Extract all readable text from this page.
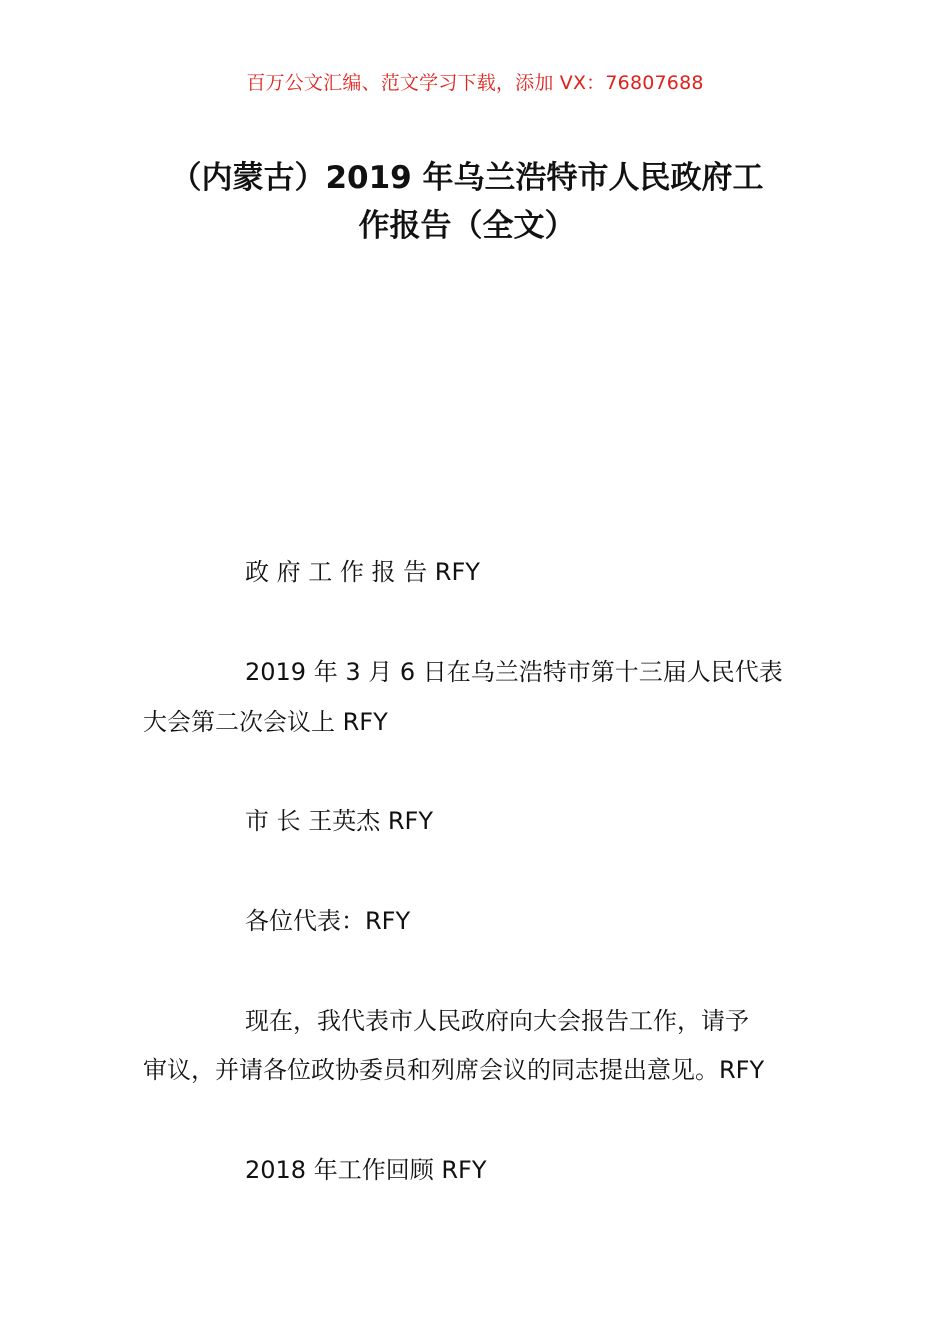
百万公文汇编、范文学习下载，添加 VX：76807688
（内蒙古）2019 年乌兰浩特市人民政府工
作报告（全文）
政 府 工 作 报 告 RFY
2019 年 3 月 6 日在乌兰浩特市第十三届人民代表
大会第二次会议上 RFY
市 长 王英杰 RFY
各位代表：RFY
现在，我代表市人民政府向大会报告工作，请予
审议，并请各位政协委员和列席会议的同志提出意见。RFY
2018 年工作回顾 RFY
